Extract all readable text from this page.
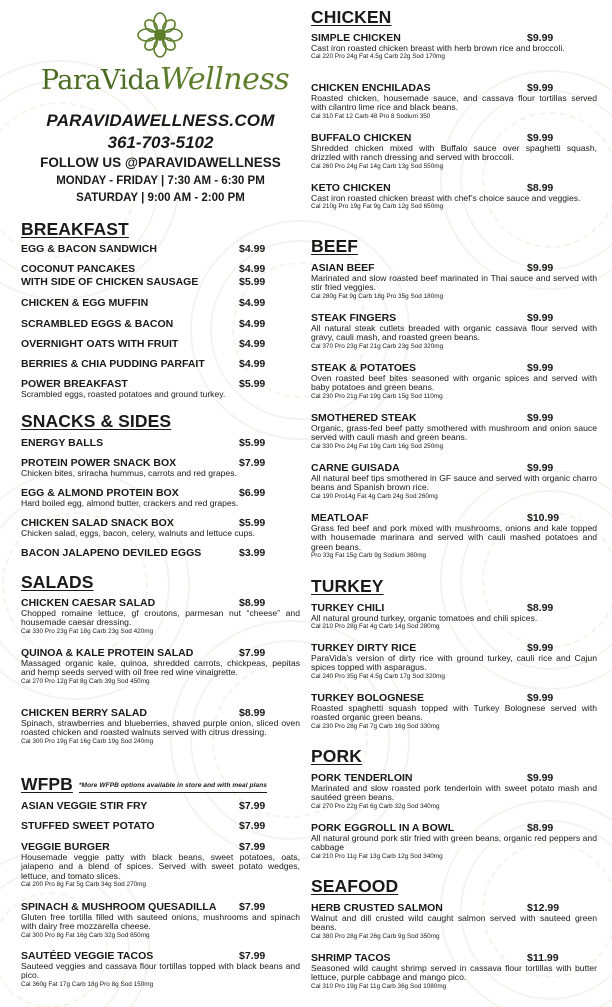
ParaVidaWellness
PARAVIDAWELLNESS.COM
361-703-5102
FOLLOW US @PARAVIDAWELLNESS
MONDAY - FRIDAY | 7:30 AM - 6:30 PM
SATURDAY | 9:00 AM - 2:00 PM
BREAKFAST
EGG & BACON SANDWICH	$4.99
COCONUT PANCAKES	$4.99
WITH SIDE OF CHICKEN SAUSAGE	$5.99
CHICKEN & EGG MUFFIN	$4.99
SCRAMBLED EGGS & BACON	$4.99
OVERNIGHT OATS WITH FRUIT	$4.99
BERRIES & CHIA PUDDING PARFAIT	$4.99
POWER BREAKFAST	$5.99
Scrambled eggs, roasted potatoes and ground turkey.
SNACKS & SIDES
ENERGY BALLS	$5.99
PROTEIN POWER SNACK BOX	$7.99
Chicken bites, sriracha hummus, carrots and red grapes.
EGG & ALMOND PROTEIN BOX	$6.99
Hard boiled egg, almond butter, crackers and red grapes.
CHICKEN SALAD SNACK BOX	$5.99
Chicken salad, eggs, bacon, celery, walnuts and lettuce cups.
BACON JALAPENO DEVILED EGGS	$3.99
SALADS
CHICKEN CAESAR SALAD	$8.99
Chopped romaine lettuce, gf croutons, parmesan nut “cheese” and housemade caesar dressing.
Cal 330 Pro 23g Fat 18g Carb 23g Sod 420mg
QUINOA & KALE PROTEIN SALAD	$7.99
Massaged organic kale, quinoa, shredded carrots, chickpeas, pepitas and hemp seeds served with oil free red wine vinaigrette.
Cal 270 Pro 12g Fat 8g Carb 39g Sod 450mg
CHICKEN BERRY SALAD	$8.99
Spinach, strawberries and blueberries, shaved purple onion, sliced oven roasted chicken and roasted walnuts served with citrus dressing.
Cal 300 Pro 19g Fat 16g Carb 19g Sod 240mg
WFPB *More WFPB options available in store and with meal plans
ASIAN VEGGIE STIR FRY	$7.99
STUFFED SWEET POTATO	$7.99
VEGGIE BURGER	$7.99
Housemade veggie patty with black beans, sweet potatoes, oats, jalapeno and a blend of spices. Served with sweet potato wedges, lettuce, and tomato slices.
Cal 200 Pro 8g Fat 5g Carb 34g Sod 270mg
SPINACH & MUSHROOM QUESADILLA	$7.99
Gluten free tortilla filled with sauteed onions, mushrooms and spinach with dairy free mozzarella cheese.
Cal 300 Pro 8g Fat 16g Carb 32g Sod 850mg
SAUTÉED VEGGIE TACOS	$7.99
Sauteed veggies and cassava flour tortillas topped with black beans and pico.
Cal 360g Fat 17g Carb 18g Pro 8g Sod 150mg
CHICKEN
SIMPLE CHICKEN	$9.99
Cast iron roasted chicken breast with herb brown rice and broccoli.
Cal 220 Pro 24g Fat 4.5g Carb 22g Sod 170mg
CHICKEN ENCHILADAS	$9.99
Roasted chicken, housemade sauce, and cassava flour tortillas served with cilantro lime rice and black beans.
Cal 310 Fat 12 Carb 48 Pro 8 Sodium 350
BUFFALO CHICKEN	$9.99
Shredded chicken mixed with Buffalo sauce over spaghetti squash, drizzled with ranch dressing and served with broccoli.
Cal 260 Pro 24g Fat 14g Carb 13g Sod 550mg
KETO CHICKEN	$8.99
Cast iron roasted chicken breast with chef’s choice sauce and veggies.
Cal 210g Pro 19g Fat 9g Carb 12g Sod 650mg
BEEF
ASIAN BEEF	$9.99
Marinated and slow roasted beef marinated in Thai sauce and served with stir fried veggies.
Cal 280g Fat 9g Carb 18g Pro 35g Sod 180mg
STEAK FINGERS	$9.99
All natural steak cutlets breaded with organic cassava flour served with gravy, cauli mash, and roasted green beans.
Cal 370 Pro 23g Fat 21g Carb 23g Sod 320mg
STEAK & POTATOES	$9.99
Oven roasted beef bites seasoned with organic spices and served with baby potatoes and green beans.
Cal 230 Pro 21g Fat 19g Carb 15g Sod 110mg
SMOTHERED STEAK	$9.99
Organic, grass-fed beef patty smothered with mushroom and onion sauce served with cauli mash and green beans.
Cal 330 Pro 24g Fat 19g Carb 16g Sod 250mg
CARNE GUISADA	$9.99
All natural beef tips smothered in GF sauce and served with organic charro beans and Spanish brown rice.
Cal 190 Pro14g Fat 4g Carb 24g Sod 260mg
MEATLOAF	$10.99
Grass fed beef and pork mixed with mushrooms, onions and kale topped with housemade marinara and served with cauli mashed potatoes and green beans.
Pro 33g Fat 15g Carb 9g Sodium 360mg
TURKEY
TURKEY CHILI	$8.99
All natural ground turkey, organic tomatoes and chili spices.
Cal 210 Pro 28g Fat 4g Carb 14g Sod 280mg
TURKEY DIRTY RICE	$9.99
ParaVida’s version of dirty rice with ground turkey, cauli rice and Cajun spices topped with asparagus.
Cal 240 Pro 35g Fat 4.5g Carb 17g Sod 320mg
TURKEY BOLOGNESE	$9.99
Roasted spaghetti squash topped with Turkey Bolognese served with roasted organic green beans.
Cal 230 Pro 28g Fat 7g Carb 16g Sod 330mg
PORK
PORK TENDERLOIN	$9.99
Marinated and slow roasted pork tenderloin with sweet potato mash and sautéed green beans.
Cal 270 Pro 22g Fat 6g Carb 32g Sod 340mg
PORK EGGROLL IN A BOWL	$8.99
All natural ground pork stir fried with green beans, organic red peppers and cabbage
Cal 210 Pro 11g Fat 13g Carb 12g Sod 340mg
SEAFOOD
HERB CRUSTED SALMON	$12.99
Walnut and dill crusted wild caught salmon served with sauteed green beans.
Cal 380 Pro 28g Fat 26g Carb 9g Sod 350mg
SHRIMP TACOS	$11.99
Seasoned wild caught shrimp served in cassava flour tortillas with butter lettuce, purple cabbage and mango pico.
Cal 310 Pro 19g Fat 11g Carb 36g Sod 1080mg
